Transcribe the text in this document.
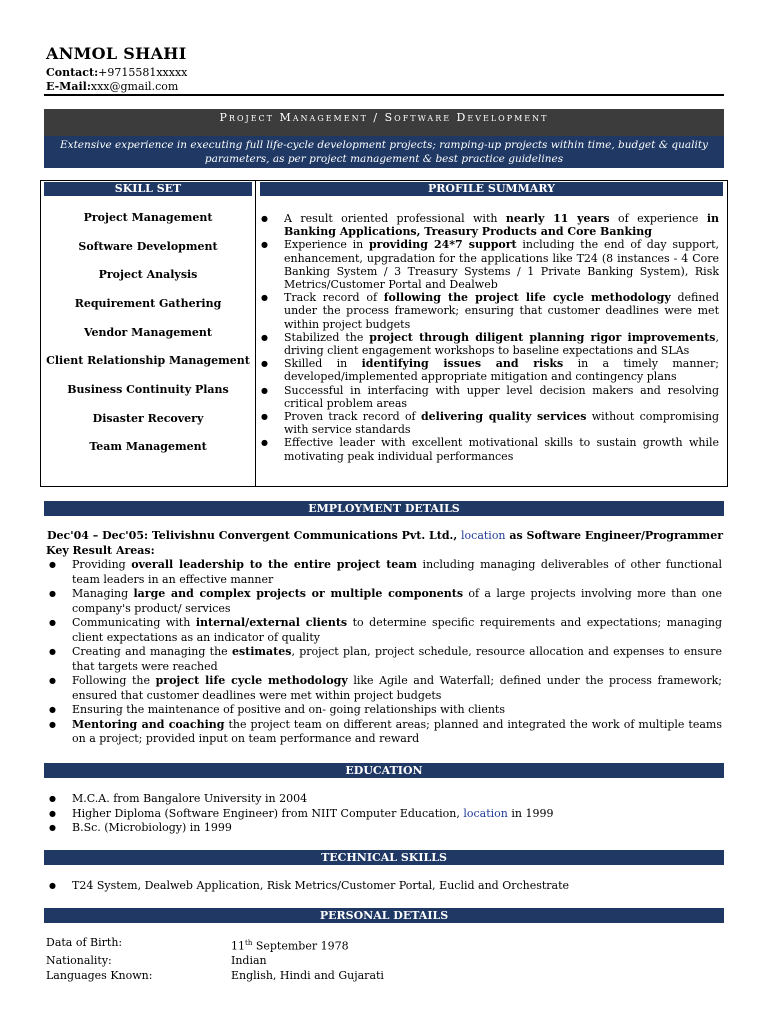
ANMOL SHAHI
Contact:+9715581xxxxx
E-Mail:xxx@gmail.com
Project Management / Software Development
Extensive experience in executing full life-cycle development projects; ramping-up projects within time, budget & quality
parameters, as per project management & best practice guidelines
SKILL SET
Project Management
Software Development
Project Analysis
Requirement Gathering
Vendor Management
Client Relationship Management
Business Continuity Plans
Disaster Recovery
Team Management
PROFILE SUMMARY
● A result oriented professional with nearly 11 years of experience in Banking Applications, Treasury Products and Core Banking
● Experience in providing 24*7 support including the end of day support, enhancement, upgradation for the applications like T24 (8 instances - 4 Core Banking System / 3 Treasury Systems / 1 Private Banking System), Risk Metrics/Customer Portal and Dealweb
● Track record of following the project life cycle methodology defined under the process framework; ensuring that customer deadlines were met within project budgets
● Stabilized the project through diligent planning rigor improvements, driving client engagement workshops to baseline expectations and SLAs
● Skilled in identifying issues and risks in a timely manner; developed/implemented appropriate mitigation and contingency plans
● Successful in interfacing with upper level decision makers and resolving critical problem areas
● Proven track record of delivering quality services without compromising with service standards
● Effective leader with excellent motivational skills to sustain growth while motivating peak individual performances
EMPLOYMENT DETAILS
Dec'04 – Dec'05: Telivishnu Convergent Communications Pvt. Ltd., location as Software Engineer/Programmer
Key Result Areas:
● Providing overall leadership to the entire project team including managing deliverables of other functional team leaders in an effective manner
● Managing large and complex projects or multiple components of a large projects involving more than one company's product/ services
● Communicating with internal/external clients to determine specific requirements and expectations; managing client expectations as an indicator of quality
● Creating and managing the estimates, project plan, project schedule, resource allocation and expenses to ensure that targets were reached
● Following the project life cycle methodology like Agile and Waterfall; defined under the process framework; ensured that customer deadlines were met within project budgets
● Ensuring the maintenance of positive and on- going relationships with clients
● Mentoring and coaching the project team on different areas; planned and integrated the work of multiple teams on a project; provided input on team performance and reward
EDUCATION
● M.C.A. from Bangalore University in 2004
● Higher Diploma (Software Engineer) from NIIT Computer Education, location in 1999
● B.Sc. (Microbiology) in 1999
TECHNICAL SKILLS
● T24 System, Dealweb Application, Risk Metrics/Customer Portal, Euclid and Orchestrate
PERSONAL DETAILS
Data of Birth:	11th September 1978
Nationality:	Indian
Languages Known:	English, Hindi and Gujarati
